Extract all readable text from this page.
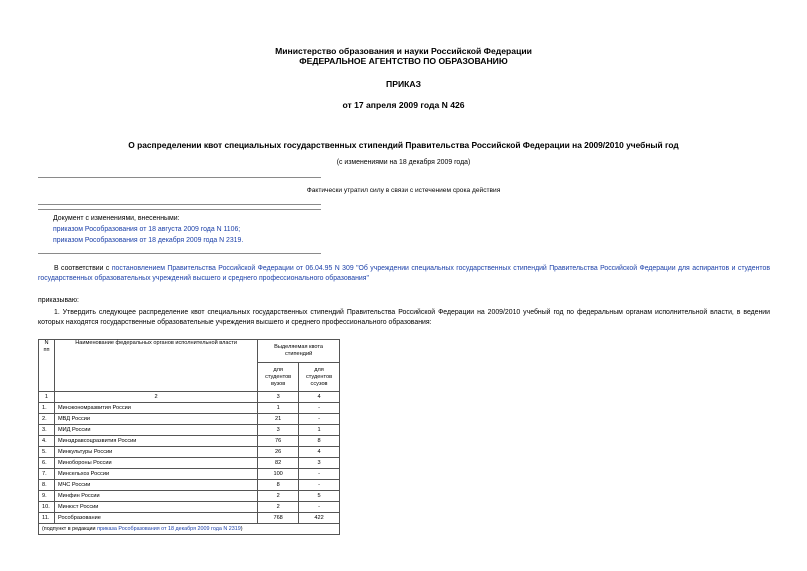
Министерство образования и науки Российской Федерации
ФЕДЕРАЛЬНОЕ АГЕНТСТВО ПО ОБРАЗОВАНИЮ
ПРИКАЗ
от 17 апреля 2009 года N 426
О распределении квот специальных государственных стипендий Правительства Российской Федерации на 2009/2010 учебный год
(с изменениями на 18 декабря 2009 года)
Фактически утратил силу в связи с истечением срока действия
Документ с изменениями, внесенными:
приказом Рособразования от 18 августа 2009 года N 1106;
приказом Рособразования от 18 декабря 2009 года N 2319.
В соответствии с постановлением Правительства Российской Федерации от 06.04.95 N 309 "Об учреждении специальных государственных стипендий Правительства Российской Федерации для аспирантов и студентов государственных образовательных учреждений высшего и среднего профессионального образования"
приказываю:
1. Утвердить следующее распределение квот специальных государственных стипендий Правительства Российской Федерации на 2009/2010 учебный год по федеральным органам исполнительной власти, в ведении которых находятся государственные образовательные учреждения высшего и среднего профессионального образования:
N пп	Наименование федеральных органов исполнительной власти	Выделяемая квота стипендий	
		для студентов вузов	для студентов ссузов
1	2	3	4
1.	Минэкономразвития России	1	-
2.	МВД России	21	-
3.	МИД России	3	1
4.	Минздравсоцразвития России	76	8
5.	Минкультуры России	26	4
6.	Минобороны России	82	3
7.	Минсельхоз России	100	-
8.	МЧС России	8	-
9.	Минфин России	2	5
10.	Минюст России	2	-
11.	Рособразование	768	422
(подпункт в редакции приказа Рособразования от 18 декабря 2009 года N 2319)			
